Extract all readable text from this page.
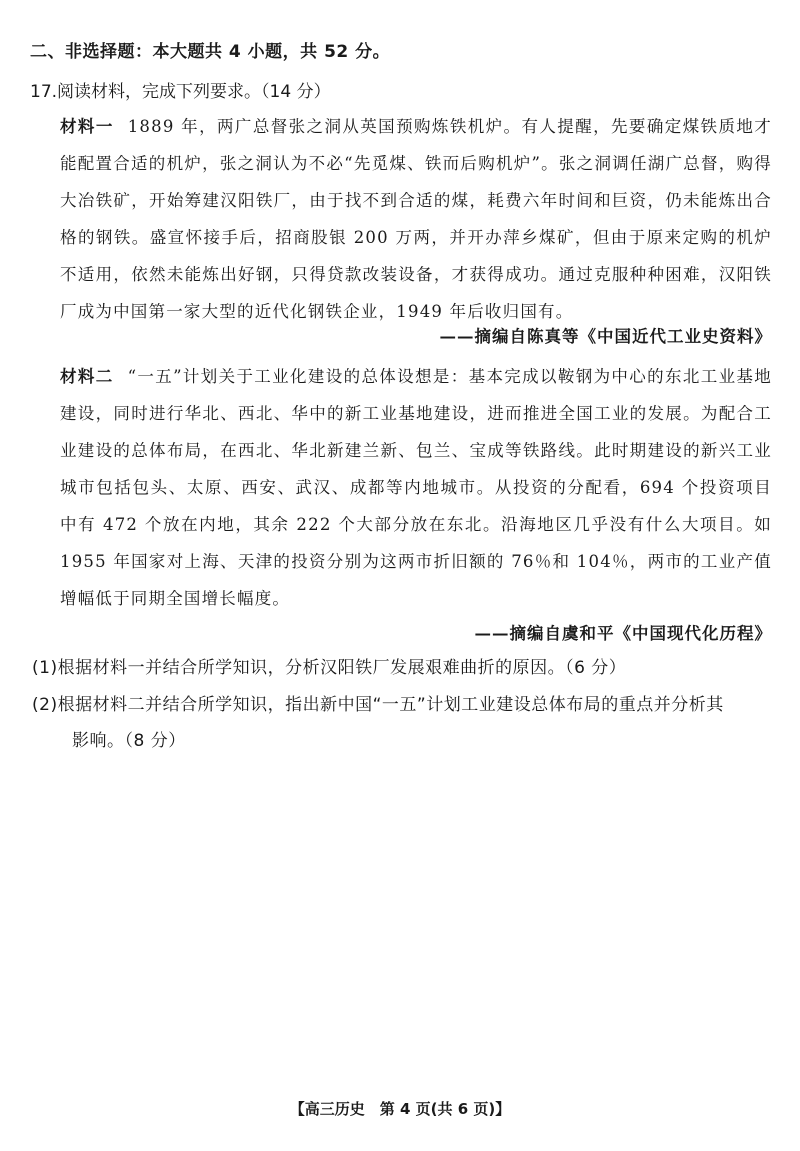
二、非选择题：本大题共 4 小题，共 52 分。
17.阅读材料，完成下列要求。（14 分）
材料一 1889 年，两广总督张之洞从英国预购炼铁机炉。有人提醒，先要确定煤铁质地才能配置合适的机炉，张之洞认为不必“先觅煤、铁而后购机炉”。张之洞调任湖广总督，购得大冶铁矿，开始筹建汉阳铁厂，由于找不到合适的煤，耗费六年时间和巨资，仍未能炼出合格的钢铁。盛宣怀接手后，招商股银 200 万两，并开办萍乡煤矿，但由于原来定购的机炉不适用，依然未能炼出好钢，只得贷款改装设备，才获得成功。通过克服种种困难，汉阳铁厂成为中国第一家大型的近代化钢铁企业，1949 年后收归国有。
——摘编自陈真等《中国近代工业史资料》
材料二 “一五”计划关于工业化建设的总体设想是：基本完成以鞍钢为中心的东北工业基地建设，同时进行华北、西北、华中的新工业基地建设，进而推进全国工业的发展。为配合工业建设的总体布局，在西北、华北新建兰新、包兰、宝成等铁路线。此时期建设的新兴工业城市包括包头、太原、西安、武汉、成都等内地城市。从投资的分配看，694 个投资项目中有 472 个放在内地，其余 222 个大部分放在东北。沿海地区几乎没有什么大项目。如 1955 年国家对上海、天津的投资分别为这两市折旧额的 76％和 104％，两市的工业产值增幅低于同期全国增长幅度。
——摘编自虞和平《中国现代化历程》
(1)根据材料一并结合所学知识，分析汉阳铁厂发展艰难曲折的原因。（6 分）
(2)根据材料二并结合所学知识，指出新中国“一五”计划工业建设总体布局的重点并分析其
影响。（8 分）
【高三历史　第 4 页(共 6 页)】
